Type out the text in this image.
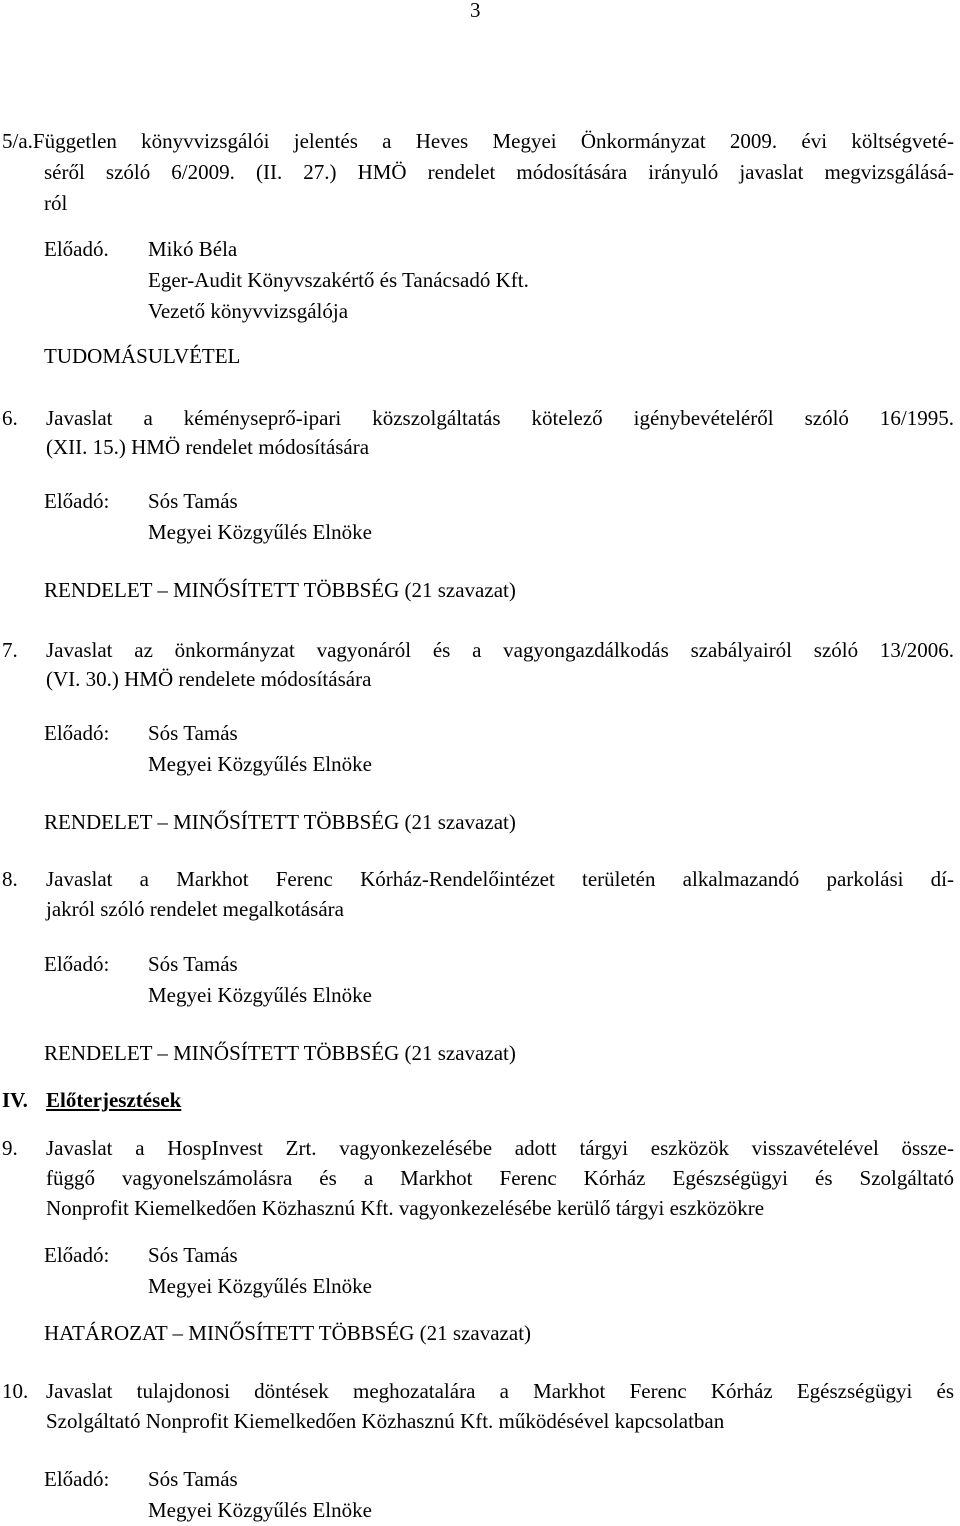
3
5/a.Független könyvvizsgálói jelentés a Heves Megyei Önkormányzat 2009. évi költségveté-
séről szóló 6/2009. (II. 27.) HMÖ rendelet módosítására irányuló javaslat megvizsgálásá-
ról
Előadó. Mikó Béla
Eger-Audit Könyvszakértő és Tanácsadó Kft.
Vezető könyvvizsgálója
TUDOMÁSULVÉTEL
6. Javaslat a kéményseprő-ipari közszolgáltatás kötelező igénybevételéről szóló 16/1995.
(XII. 15.) HMÖ rendelet módosítására
Előadó: Sós Tamás
Megyei Közgyűlés Elnöke
RENDELET – MINŐSÍTETT TÖBBSÉG (21 szavazat)
7. Javaslat az önkormányzat vagyonáról és a vagyongazdálkodás szabályairól szóló 13/2006.
(VI. 30.) HMÖ rendelete módosítására
Előadó: Sós Tamás
Megyei Közgyűlés Elnöke
RENDELET – MINŐSÍTETT TÖBBSÉG (21 szavazat)
8. Javaslat a Markhot Ferenc Kórház-Rendelőintézet területén alkalmazandó parkolási dí-
jakról szóló rendelet megalkotására
Előadó: Sós Tamás
Megyei Közgyűlés Elnöke
RENDELET – MINŐSÍTETT TÖBBSÉG (21 szavazat)
IV. Előterjesztések
9. Javaslat a HospInvest Zrt. vagyonkezelésébe adott tárgyi eszközök visszavételével össze-
függő vagyonelszámolásra és a Markhot Ferenc Kórház Egészségügyi és Szolgáltató
Nonprofit Kiemelkedően Közhasznú Kft. vagyonkezelésébe kerülő tárgyi eszközökre
Előadó: Sós Tamás
Megyei Közgyűlés Elnöke
HATÁROZAT – MINŐSÍTETT TÖBBSÉG (21 szavazat)
10. Javaslat tulajdonosi döntések meghozatalára a Markhot Ferenc Kórház Egészségügyi és
Szolgáltató Nonprofit Kiemelkedően Közhasznú Kft. működésével kapcsolatban
Előadó: Sós Tamás
Megyei Közgyűlés Elnöke
